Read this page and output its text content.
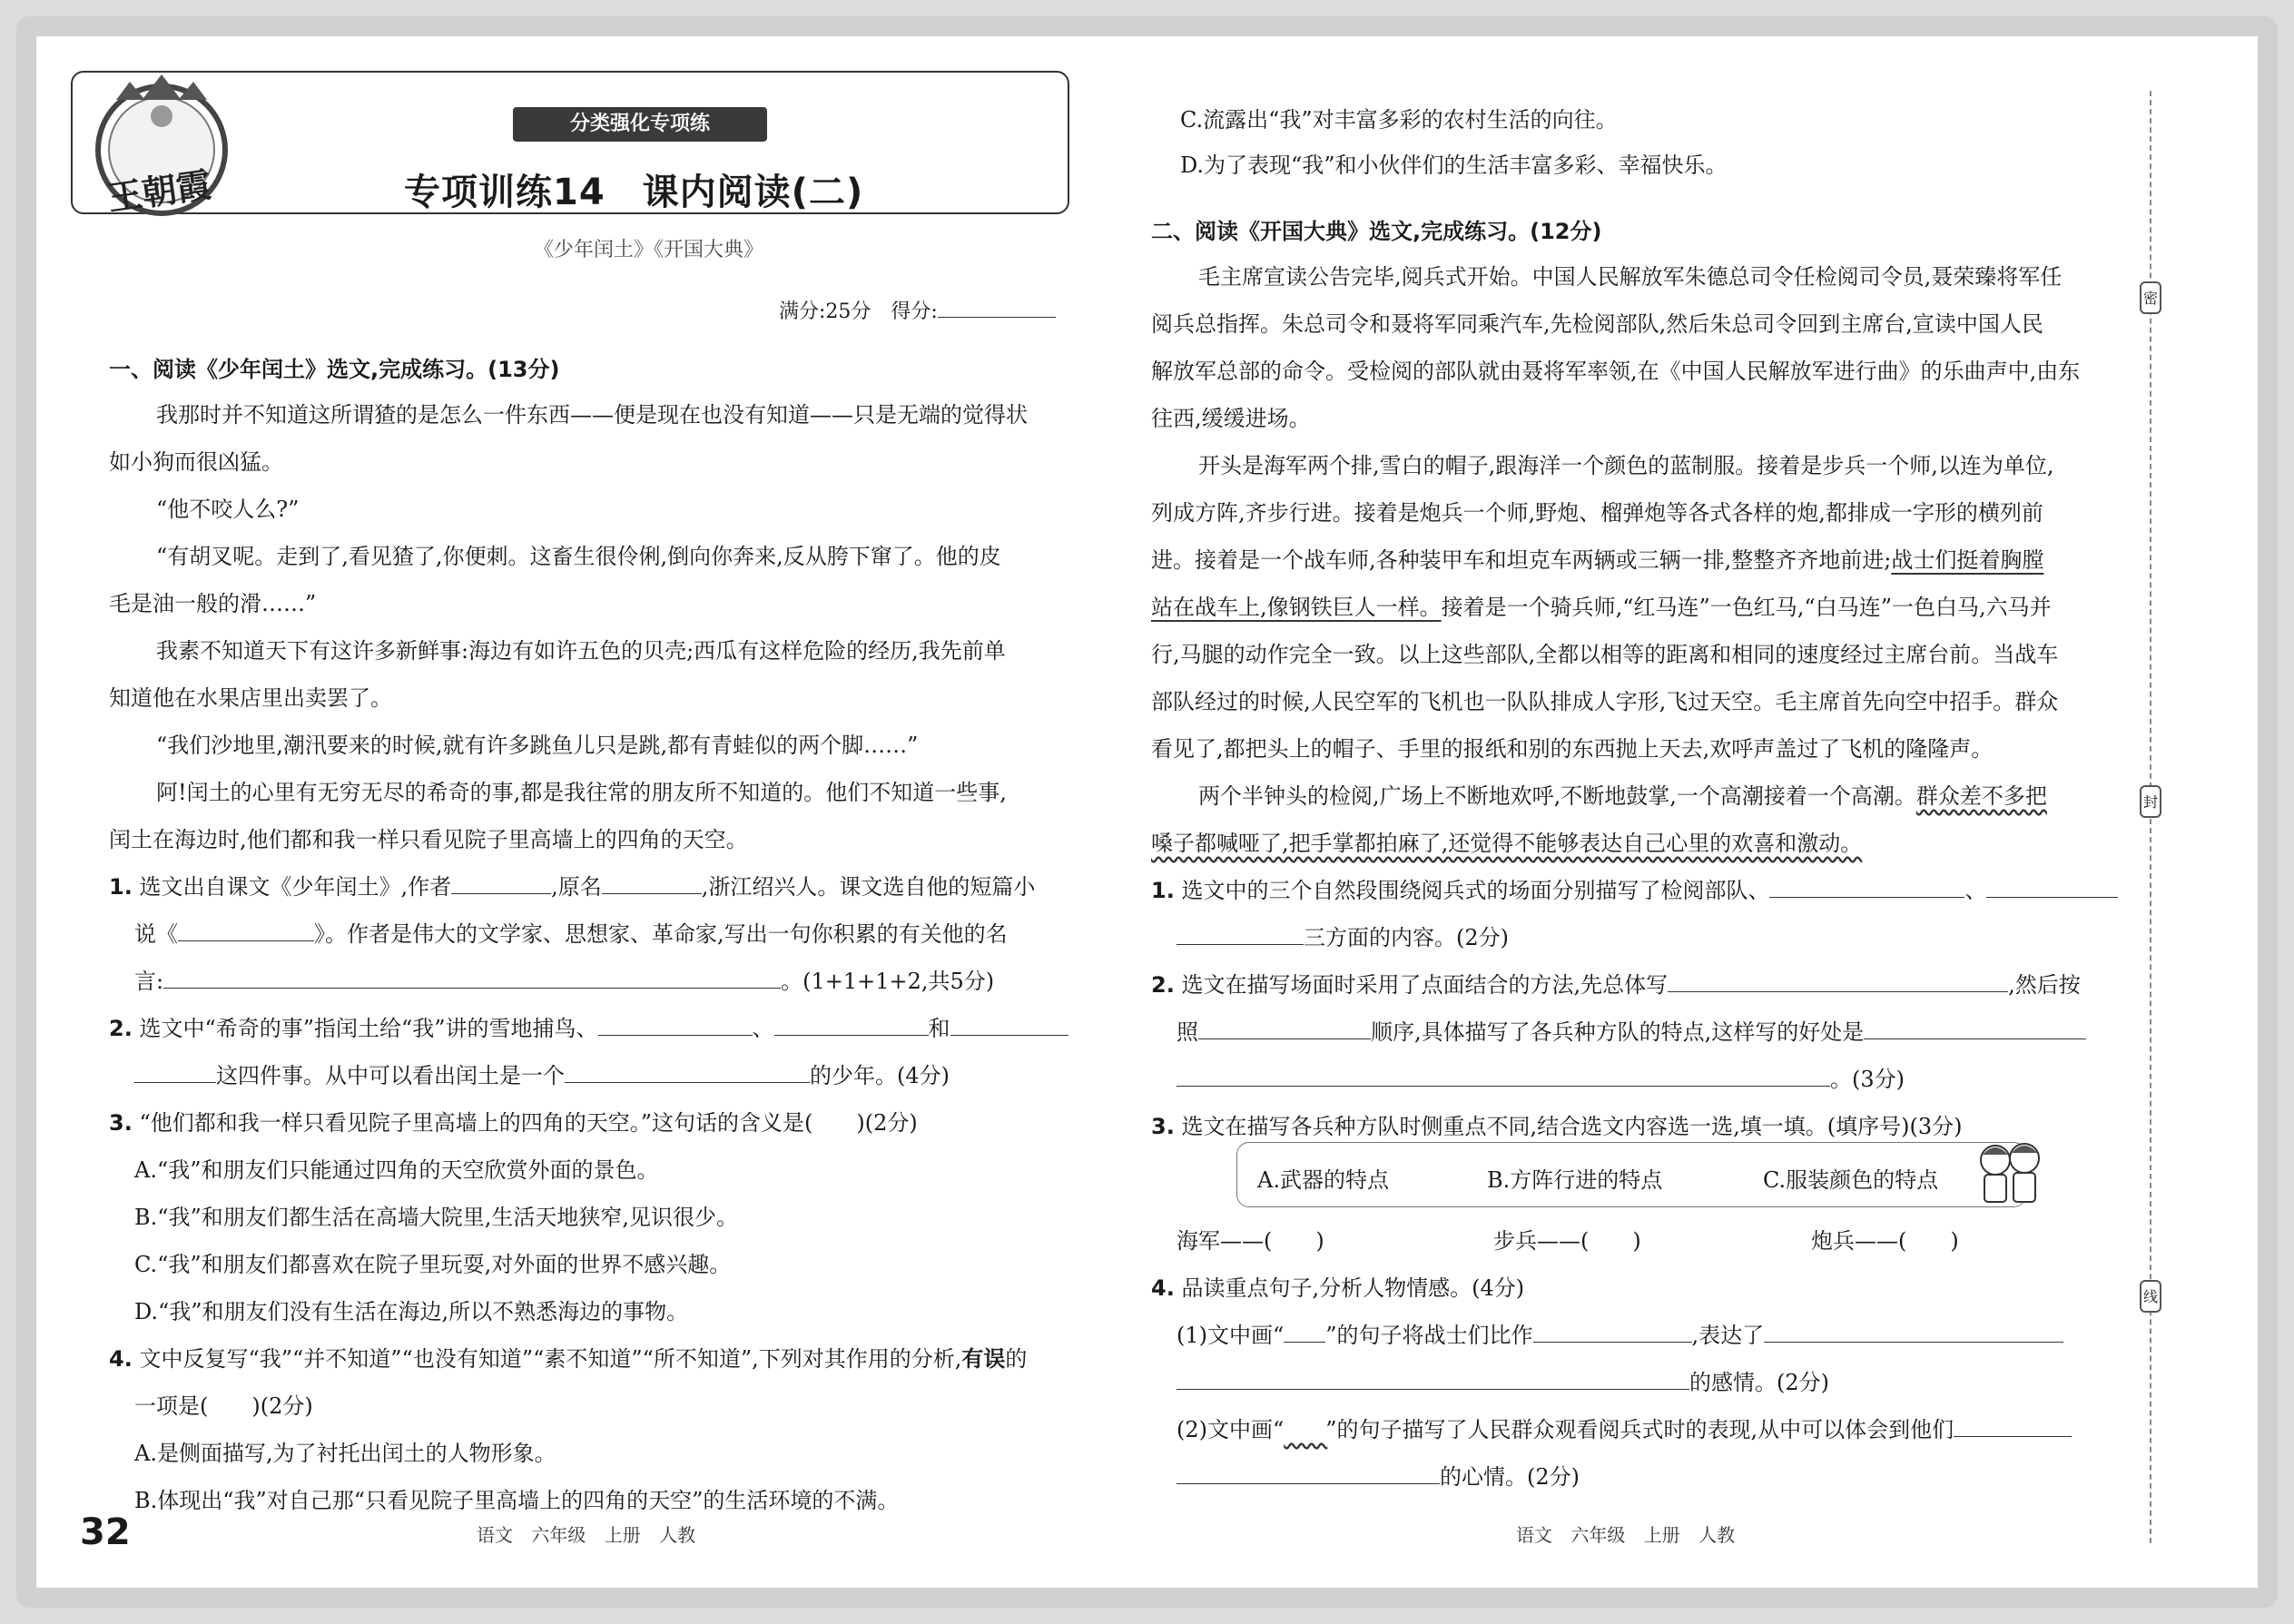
王朝霞
分类强化专项练
专项训练14　课内阅读(二)
《少年闰土》《开国大典》
满分:25分　得分:
一、阅读《少年闰土》选文,完成练习。(13分)
我那时并不知道这所谓猹的是怎么一件东西——便是现在也没有知道——只是无端的觉得状
如小狗而很凶猛。
“他不咬人么?”
“有胡叉呢。走到了,看见猹了,你便刺。这畜生很伶俐,倒向你奔来,反从胯下窜了。他的皮
毛是油一般的滑……”
我素不知道天下有这许多新鲜事:海边有如许五色的贝壳;西瓜有这样危险的经历,我先前单
知道他在水果店里出卖罢了。
“我们沙地里,潮汛要来的时候,就有许多跳鱼儿只是跳,都有青蛙似的两个脚……”
阿!闰土的心里有无穷无尽的希奇的事,都是我往常的朋友所不知道的。他们不知道一些事,
闰土在海边时,他们都和我一样只看见院子里高墙上的四角的天空。
1. 选文出自课文《少年闰土》,作者	,原名	,浙江绍兴人。课文选自他的短篇小
说《	》。作者是伟大的文学家、思想家、革命家,写出一句你积累的有关他的名
言:	。(1+1+1+2,共5分)
2. 选文中“希奇的事”指闰土给“我”讲的雪地捕鸟、	、	和
这四件事。从中可以看出闰土是一个	的少年。(4分)
3. “他们都和我一样只看见院子里高墙上的四角的天空。”这句话的含义是(　　)(2分)
A.“我”和朋友们只能通过四角的天空欣赏外面的景色。
B.“我”和朋友们都生活在高墙大院里,生活天地狭窄,见识很少。
C.“我”和朋友们都喜欢在院子里玩耍,对外面的世界不感兴趣。
D.“我”和朋友们没有生活在海边,所以不熟悉海边的事物。
4. 文中反复写“我”“并不知道”“也没有知道”“素不知道”“所不知道”,下列对其作用的分析,有误的
一项是(　　)(2分)
A.是侧面描写,为了衬托出闰土的人物形象。
B.体现出“我”对自己那“只看见院子里高墙上的四角的天空”的生活环境的不满。
32	语文 六年级 上册 人教
C.流露出“我”对丰富多彩的农村生活的向往。
D.为了表现“我”和小伙伴们的生活丰富多彩、幸福快乐。
二、阅读《开国大典》选文,完成练习。(12分)
毛主席宣读公告完毕,阅兵式开始。中国人民解放军朱德总司令任检阅司令员,聂荣臻将军任
阅兵总指挥。朱总司令和聂将军同乘汽车,先检阅部队,然后朱总司令回到主席台,宣读中国人民
解放军总部的命令。受检阅的部队就由聂将军率领,在《中国人民解放军进行曲》的乐曲声中,由东
往西,缓缓进场。
开头是海军两个排,雪白的帽子,跟海洋一个颜色的蓝制服。接着是步兵一个师,以连为单位,
列成方阵,齐步行进。接着是炮兵一个师,野炮、榴弹炮等各式各样的炮,都排成一字形的横列前
进。接着是一个战车师,各种装甲车和坦克车两辆或三辆一排,整整齐齐地前进;战士们挺着胸膛
站在战车上,像钢铁巨人一样。接着是一个骑兵师,“红马连”一色红马,“白马连”一色白马,六马并
行,马腿的动作完全一致。以上这些部队,全都以相等的距离和相同的速度经过主席台前。当战车
部队经过的时候,人民空军的飞机也一队队排成人字形,飞过天空。毛主席首先向空中招手。群众
看见了,都把头上的帽子、手里的报纸和别的东西抛上天去,欢呼声盖过了飞机的隆隆声。
两个半钟头的检阅,广场上不断地欢呼,不断地鼓掌,一个高潮接着一个高潮。群众差不多把
嗓子都喊哑了,把手掌都拍麻了,还觉得不能够表达自己心里的欢喜和激动。
1. 选文中的三个自然段围绕阅兵式的场面分别描写了检阅部队、	、
三方面的内容。(2分)
2. 选文在描写场面时采用了点面结合的方法,先总体写	,然后按
照	顺序,具体描写了各兵种方队的特点,这样写的好处是
。(3分)
3. 选文在描写各兵种方队时侧重点不同,结合选文内容选一选,填一填。(填序号)(3分)
A.武器的特点	B.方阵行进的特点	C.服装颜色的特点
海军——(　　)	步兵——(　　)	炮兵——(　　)
4. 品读重点句子,分析人物情感。(4分)
(1)文中画“ ”的句子将战士们比作	,表达了
的感情。(2分)
(2)文中画“   ”的句子描写了人民群众观看阅兵式时的表现,从中可以体会到他们
的心情。(2分)
语文 六年级 上册 人教
密
封
线
